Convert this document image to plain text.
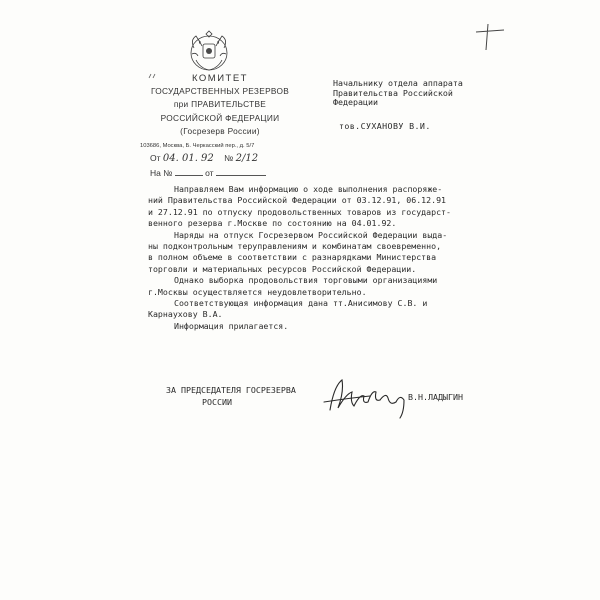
КОМИТЕТ
ГОСУДАРСТВЕННЫХ РЕЗЕРВОВ
при ПРАВИТЕЛЬСТВЕ
РОССИЙСКОЙ ФЕДЕРАЦИИ
(Госрезерв России)
103686, Москва, Б. Черкасский пер., д. 5/7
От 04. 01. 92 № 2/12
На №	от
Начальнику отдела аппарата
Правительства Российской
Федерации
тов.СУХАНОВУ В.И.

Направляем Вам информацию о ходе выполнения распоряже-

ний Правительства Российской Федерации от 03.12.91, 06.12.91

и 27.12.91 по отпуску продовольственных товаров из государст-

венного резерва г.Москве по состоянию на 04.01.92.

Наряды на отпуск Госрезервом Российской Федерации выда-

ны подконтрольным теруправлениям и комбинатам своевременно,

в полном объеме в соответствии с разнарядками Министерства

торговли и материальных ресурсов Российской Федерации.

Однако выборка продовольствия торговыми организациями

г.Москвы осуществляется неудовлетворительно.

Соответствующая информация дана тт.Анисимову С.В. и

Карнаухову В.А.

Информация прилагается.

ЗА ПРЕДСЕДАТЕЛЯ ГОСРЕЗЕРВА
РОССИИ	В.Н.ЛАДЫГИН
